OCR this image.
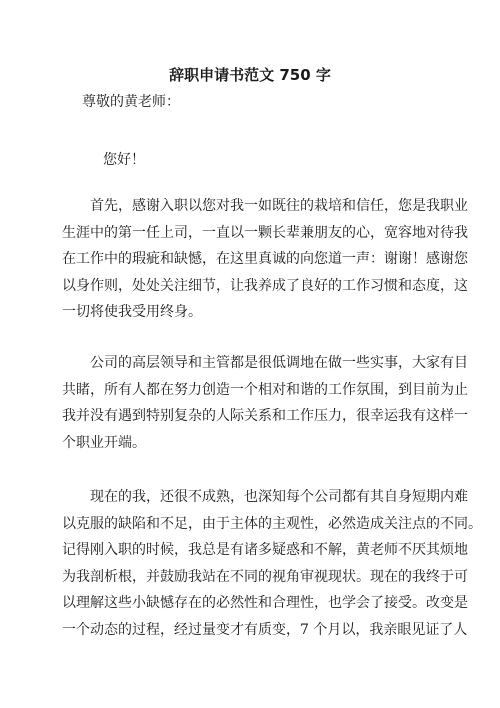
辞职申请书范文 750 字
尊敬的黄老师：
您好！
　　首先，感谢入职以您对我一如既往的栽培和信任，您是我职业
生涯中的第一任上司，一直以一颗长辈兼朋友的心，宽容地对待我
在工作中的瑕疵和缺憾，在这里真诚的向您道一声：谢谢！感谢您
以身作则，处处关注细节，让我养成了良好的工作习惯和态度，这
一切将使我受用终身。
　　公司的高层领导和主管都是很低调地在做一些实事，大家有目
共睹，所有人都在努力创造一个相对和谐的工作氛围，到目前为止
我并没有遇到特别复杂的人际关系和工作压力，很幸运我有这样一
个职业开端。
　　现在的我，还很不成熟，也深知每个公司都有其自身短期内难
以克服的缺陷和不足，由于主体的主观性，必然造成关注点的不同。
记得刚入职的时候，我总是有诸多疑惑和不解，黄老师不厌其烦地
为我剖析根，并鼓励我站在不同的视角审视现状。现在的我终于可
以理解这些小缺憾存在的必然性和合理性，也学会了接受。改变是
一个动态的过程，经过量变才有质变，7 个月以，我亲眼见证了人
